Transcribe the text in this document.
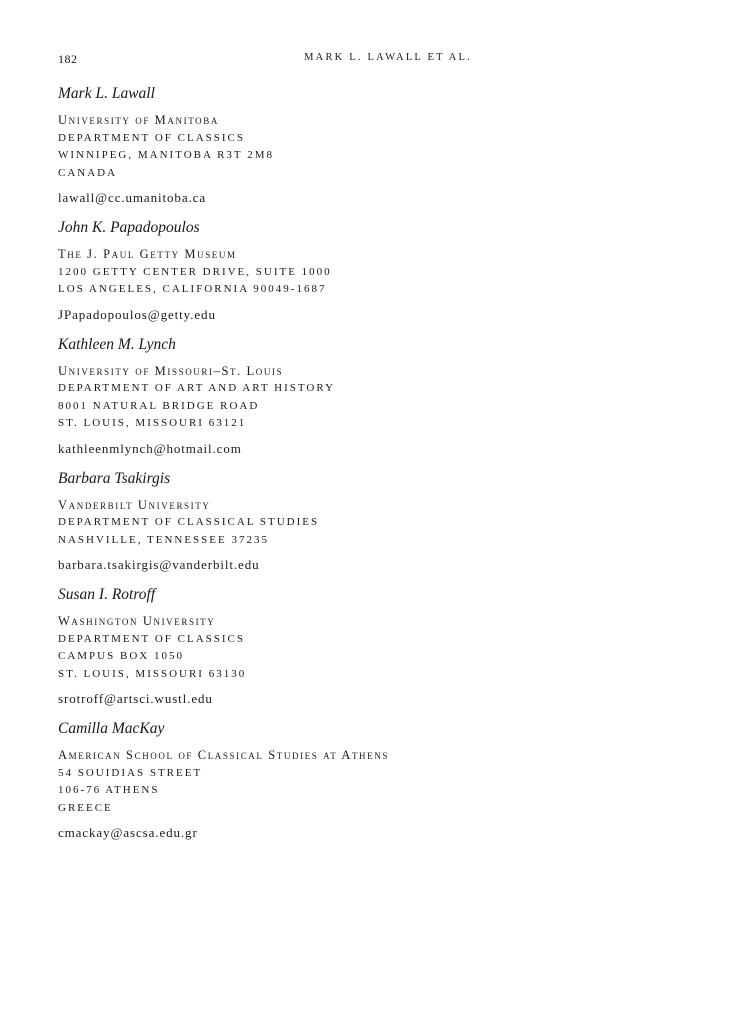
182	MARK L. LAWALL ET AL.
Mark L. Lawall
University of Manitoba
DEPARTMENT OF CLASSICS
WINNIPEG, MANITOBA R3T 2M8
CANADA
lawall@cc.umanitoba.ca
John K. Papadopoulos
The J. Paul Getty Museum
1200 GETTY CENTER DRIVE, SUITE 1000
LOS ANGELES, CALIFORNIA 90049-1687
JPapadopoulos@getty.edu
Kathleen M. Lynch
University of Missouri–St. Louis
DEPARTMENT OF ART AND ART HISTORY
8001 NATURAL BRIDGE ROAD
ST. LOUIS, MISSOURI 63121
kathleenmlynch@hotmail.com
Barbara Tsakirgis
Vanderbilt University
DEPARTMENT OF CLASSICAL STUDIES
NASHVILLE, TENNESSEE 37235
barbara.tsakirgis@vanderbilt.edu
Susan I. Rotroff
Washington University
DEPARTMENT OF CLASSICS
CAMPUS BOX 1050
ST. LOUIS, MISSOURI 63130
srotroff@artsci.wustl.edu
Camilla MacKay
American School of Classical Studies at Athens
54 SOUIDIAS STREET
106-76 ATHENS
GREECE
cmackay@ascsa.edu.gr
